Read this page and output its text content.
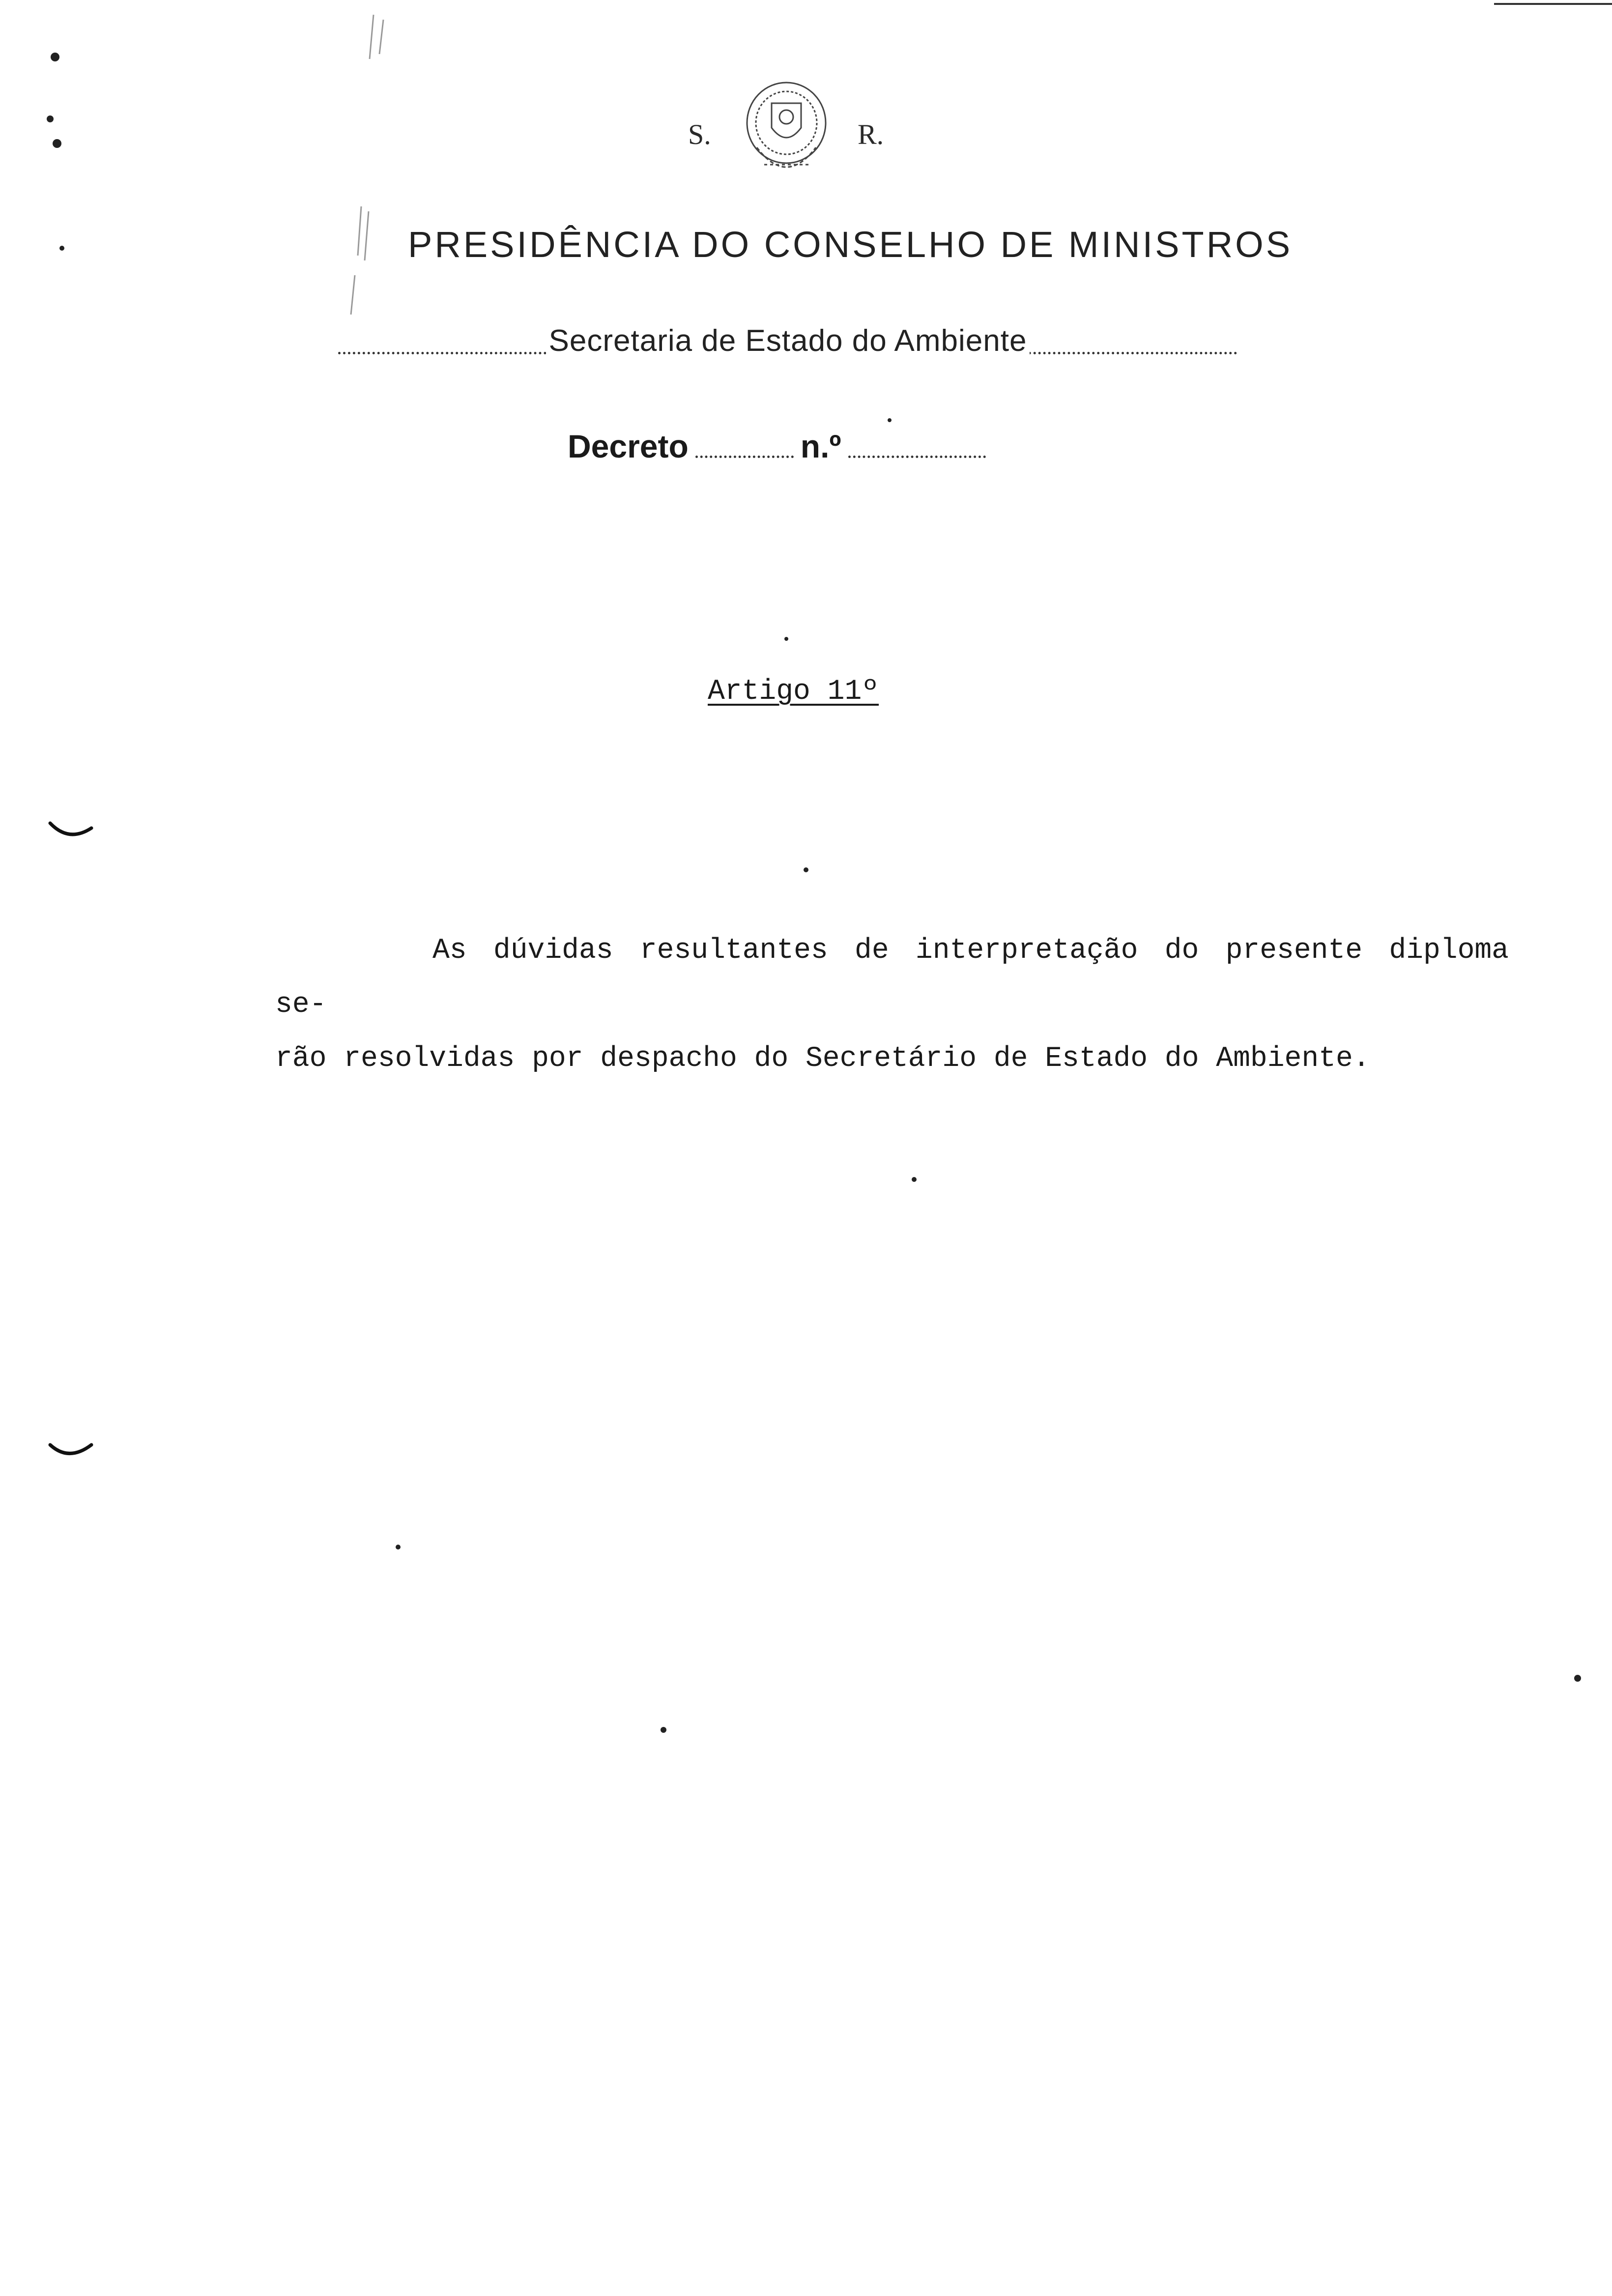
S.	R.
PRESIDÊNCIA DO CONSELHO DE MINISTROS
Secretaria de Estado do Ambiente
Decreto	n.º
Artigo 11º

As dúvidas resultantes de interpretação do presente diploma se-

rão resolvidas por despacho do Secretário de Estado do Ambiente.
